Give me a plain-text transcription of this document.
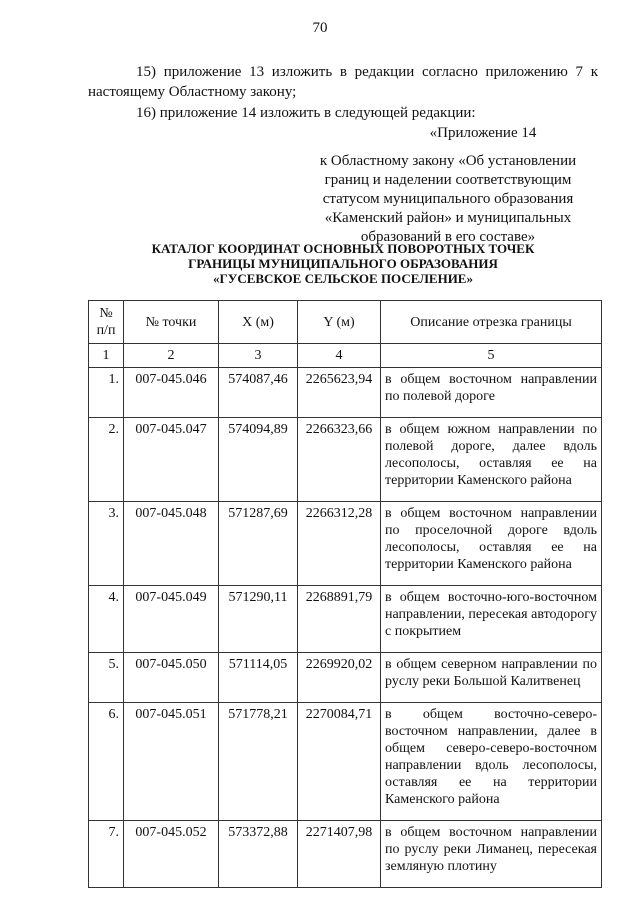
70
15) приложение 13 изложить в редакции согласно приложению 7 к настоящему Областному закону;
16) приложение 14 изложить в следующей редакции:
«Приложение 14
к Областному закону «Об установлении
границ и наделении соответствующим
статусом муниципального образования
«Каменский район» и муниципальных
образований в его составе»
КАТАЛОГ КООРДИНАТ ОСНОВНЫХ ПОВОРОТНЫХ ТОЧЕК
ГРАНИЦЫ МУНИЦИПАЛЬНОГО ОБРАЗОВАНИЯ
«ГУСЕВСКОЕ СЕЛЬСКОЕ ПОСЕЛЕНИЕ»
№ п/п	№ точки	X (м)	Y (м)	Описание отрезка границы
1	2	3	4	5
1.	007-045.046	574087,46	2265623,94	в общем восточном направлении по полевой дороге
2.	007-045.047	574094,89	2266323,66	в общем южном направлении по полевой дороге, далее вдоль лесополосы, оставляя ее на территории Каменского района
3.	007-045.048	571287,69	2266312,28	в общем восточном направлении по проселочной дороге вдоль лесополосы, оставляя ее на территории Каменского района
4.	007-045.049	571290,11	2268891,79	в общем восточно-юго-восточном направлении, пересекая автодорогу с покрытием
5.	007-045.050	571114,05	2269920,02	в общем северном направлении по руслу реки Большой Калитвенец
6.	007-045.051	571778,21	2270084,71	в общем восточно-северо-восточном направлении, далее в общем северо-северо-восточном направлении вдоль лесополосы, оставляя ее на территории Каменского района
7.	007-045.052	573372,88	2271407,98	в общем восточном направлении по руслу реки Лиманец, пересекая земляную плотину
